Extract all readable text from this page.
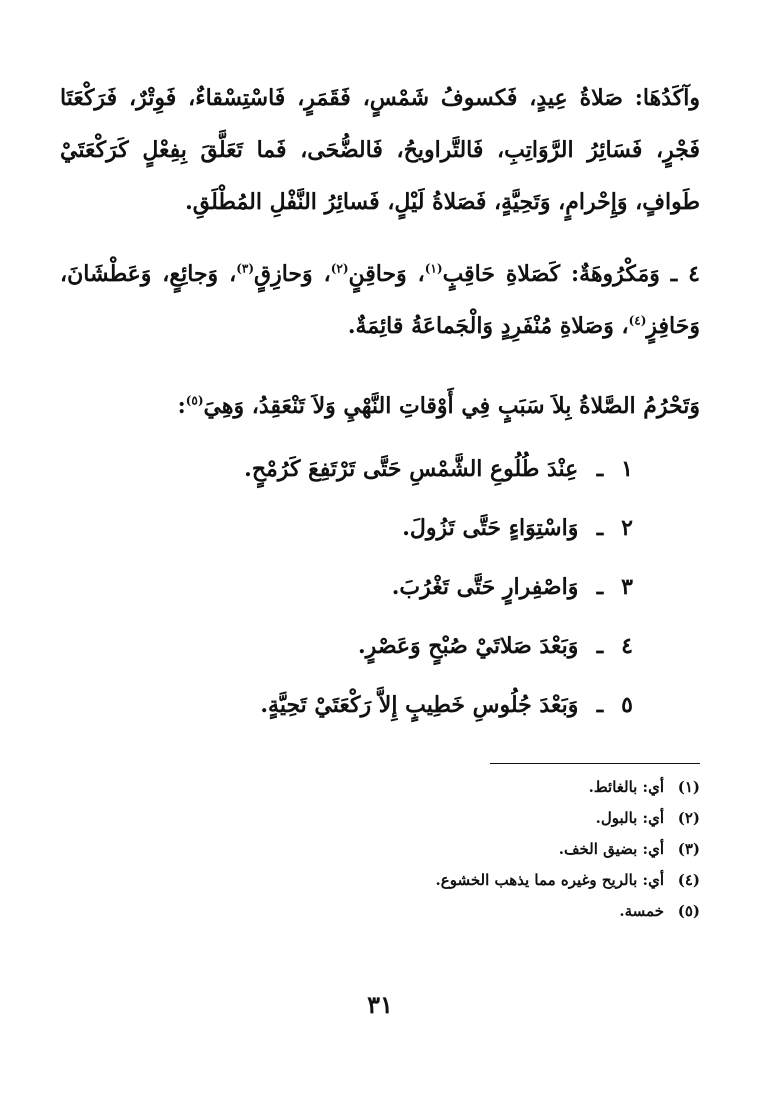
وآكَدُهَا: صَلاةُ عِيدٍ، فَكسوفُ شَمْسٍ، فَقَمَرٍ، فَاسْتِسْقاءٌ، فَوِتْرٌ، فَرَكْعَتَا فَجْرٍ، فَسَائِرُ الرَّوَاتِبِ، فَالتَّراويحُ، فَالضُّحَى، فَما تَعَلَّقَ بِفِعْلٍ كَرَكْعَتَيْ طَوافٍ، وَإِحْرامٍ، وَتَحِيَّةٍ، فَصَلاةُ لَيْلٍ، فَسائِرُ النَّفْلِ المُطْلَقِ.

٤ ـ وَمَكْرُوهَةٌ: كَصَلاةِ حَاقِبٍ$^{(١)}$، وَحاقِنٍ$^{(٢)}$، وَحازِقٍ$^{(٣)}$، وَجائِعٍ، وَعَطْشَانَ، وَحَافِزٍ$^{(٤)}$، وَصَلاةِ مُنْفَرِدٍ وَالْجَماعَةُ قائِمَةٌ.

وَتَحْرُمُ الصَّلاةُ بِلاَ سَبَبٍ فِي أَوْقاتِ النَّهْيِ وَلاَ تَنْعَقِدُ، وَهِيَ$^{(٥)}$:

١ـ عِنْدَ طُلُوعِ الشَّمْسِ حَتَّى تَرْتَفِعَ كَرُمْحٍ.
٢ـ وَاسْتِوَاءٍ حَتَّى تَزُولَ.
٣ـ وَاصْفِرارٍ حَتَّى تَغْرُبَ.
٤ـ وَبَعْدَ صَلاتَيْ صُبْحٍ وَعَصْرٍ.
٥ـ وَبَعْدَ جُلُوسِ خَطِيبٍ إِلاَّ رَكْعَتَيْ تَحِيَّةٍ.
(١)أي: بالغائط.
(٢)أي: بالبول.
(٣)أي: بضيق الخف.
(٤)أي: بالريح وغيره مما يذهب الخشوع.
(٥)خمسة.
٣١
